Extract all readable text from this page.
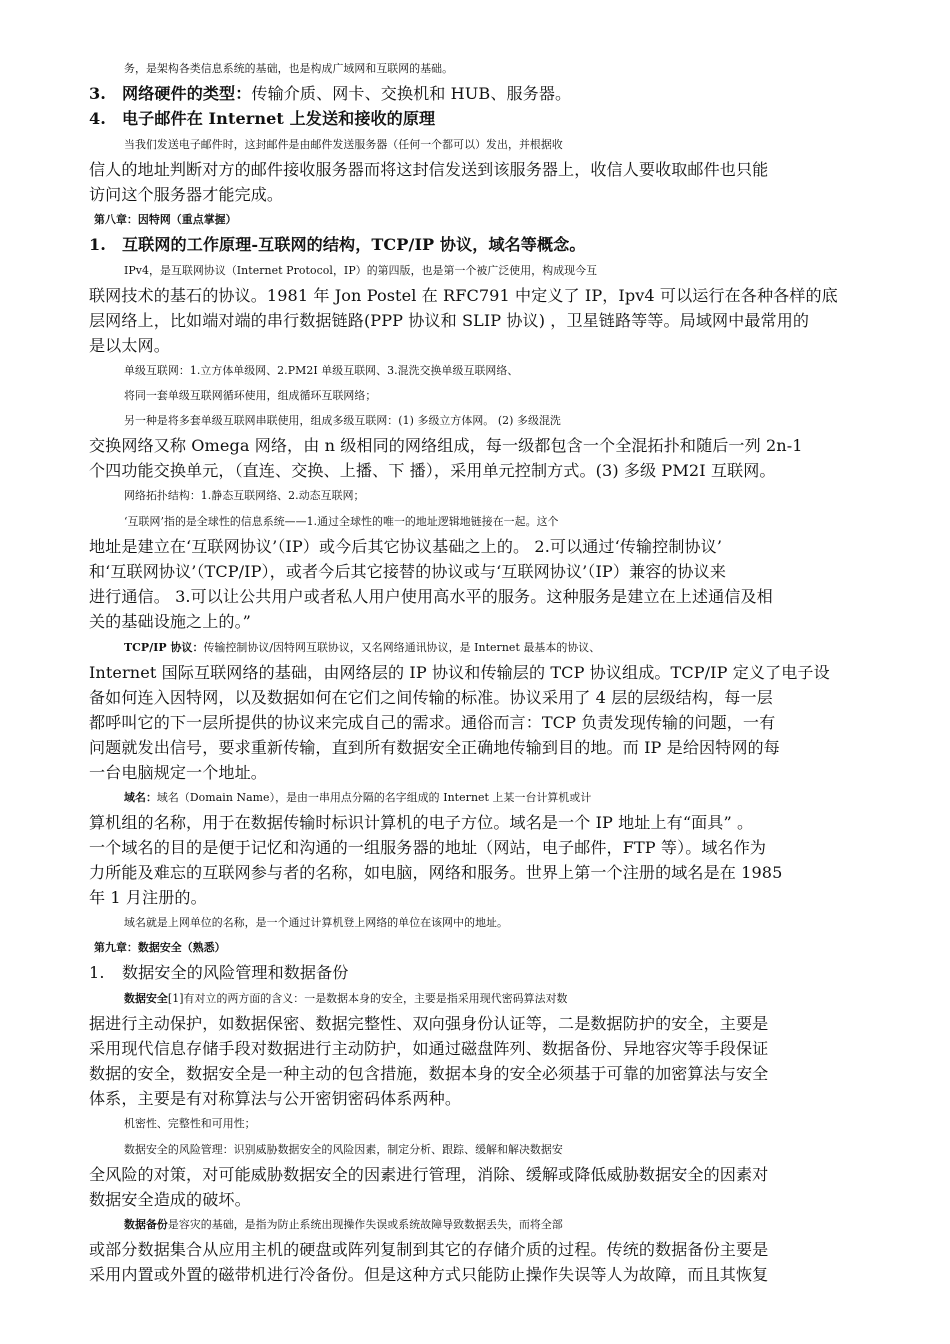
务，是架构各类信息系统的基础，也是构成广域网和互联网的基础。
3. 网络硬件的类型：传输介质、网卡、交换机和 HUB、服务器。
4. 电子邮件在 Internet 上发送和接收的原理
当我们发送电子邮件时，这封邮件是由邮件发送服务器（任何一个都可以）发出，并根据收
信人的地址判断对方的邮件接收服务器而将这封信发送到该服务器上，收信人要收取邮件也只能
访问这个服务器才能完成。
第八章：因特网（重点掌握）
1. 互联网的工作原理-互联网的结构，TCP/IP 协议，域名等概念。
IPv4，是互联网协议（Internet Protocol，IP）的第四版，也是第一个被广泛使用，构成现今互
联网技术的基石的协议。1981 年 Jon Postel 在 RFC791 中定义了 IP，Ipv4 可以运行在各种各样的底
层网络上，比如端对端的串行数据链路(PPP 协议和 SLIP 协议) ，卫星链路等等。局域网中最常用的
是以太网。
单级互联网：1.立方体单级网、2.PM2I 单级互联网、3.混洗交换单级互联网络、
将同一套单级互联网循环使用，组成循环互联网络；
另一种是将多套单级互联网串联使用，组成多级互联网：(1) 多级立方体网。 (2) 多级混洗
交换网络又称 Omega 网络，由 n 级相同的网络组成，每一级都包含一个全混拓扑和随后一列 2n-1
个四功能交换单元，（直连、交换、上播、下 播），采用单元控制方式。(3) 多级 PM2I 互联网。
网络拓扑结构：1.静态互联网络、2.动态互联网；
‘互联网’指的是全球性的信息系统——1.通过全球性的唯一的地址逻辑地链接在一起。这个
地址是建立在‘互联网协议’（IP）或今后其它协议基础之上的。 2.可以通过‘传输控制协议’
和‘互联网协议’（TCP/IP），或者今后其它接替的协议或与‘互联网协议’（IP）兼容的协议来
进行通信。 3.可以让公共用户或者私人用户使用高水平的服务。这种服务是建立在上述通信及相
关的基础设施之上的。”
TCP/IP 协议：传输控制协议/因特网互联协议，又名网络通讯协议，是 Internet 最基本的协议、
Internet 国际互联网络的基础，由网络层的 IP 协议和传输层的 TCP 协议组成。TCP/IP 定义了电子设
备如何连入因特网，以及数据如何在它们之间传输的标准。协议采用了 4 层的层级结构，每一层
都呼叫它的下一层所提供的协议来完成自己的需求。通俗而言：TCP 负责发现传输的问题，一有
问题就发出信号，要求重新传输，直到所有数据安全正确地传输到目的地。而 IP 是给因特网的每
一台电脑规定一个地址。
域名：域名（Domain Name），是由一串用点分隔的名字组成的 Internet 上某一台计算机或计
算机组的名称，用于在数据传输时标识计算机的电子方位。域名是一个 IP 地址上有“面具” 。
一个域名的目的是便于记忆和沟通的一组服务器的地址（网站，电子邮件，FTP 等）。域名作为
力所能及难忘的互联网参与者的名称，如电脑，网络和服务。世界上第一个注册的域名是在 1985
年 1 月注册的。
域名就是上网单位的名称，是一个通过计算机登上网络的单位在该网中的地址。
第九章：数据安全（熟悉）
1. 数据安全的风险管理和数据备份
数据安全[1]有对立的两方面的含义：一是数据本身的安全，主要是指采用现代密码算法对数
据进行主动保护，如数据保密、数据完整性、双向强身份认证等，二是数据防护的安全，主要是
采用现代信息存储手段对数据进行主动防护，如通过磁盘阵列、数据备份、异地容灾等手段保证
数据的安全，数据安全是一种主动的包含措施，数据本身的安全必须基于可靠的加密算法与安全
体系，主要是有对称算法与公开密钥密码体系两种。
机密性、完整性和可用性；
数据安全的风险管理：识别威胁数据安全的风险因素，制定分析、跟踪、缓解和解决数据安
全风险的对策，对可能威胁数据安全的因素进行管理，消除、缓解或降低威胁数据安全的因素对
数据安全造成的破坏。
数据备份是容灾的基础，是指为防止系统出现操作失误或系统故障导致数据丢失，而将全部
或部分数据集合从应用主机的硬盘或阵列复制到其它的存储介质的过程。传统的数据备份主要是
采用内置或外置的磁带机进行冷备份。但是这种方式只能防止操作失误等人为故障，而且其恢复
